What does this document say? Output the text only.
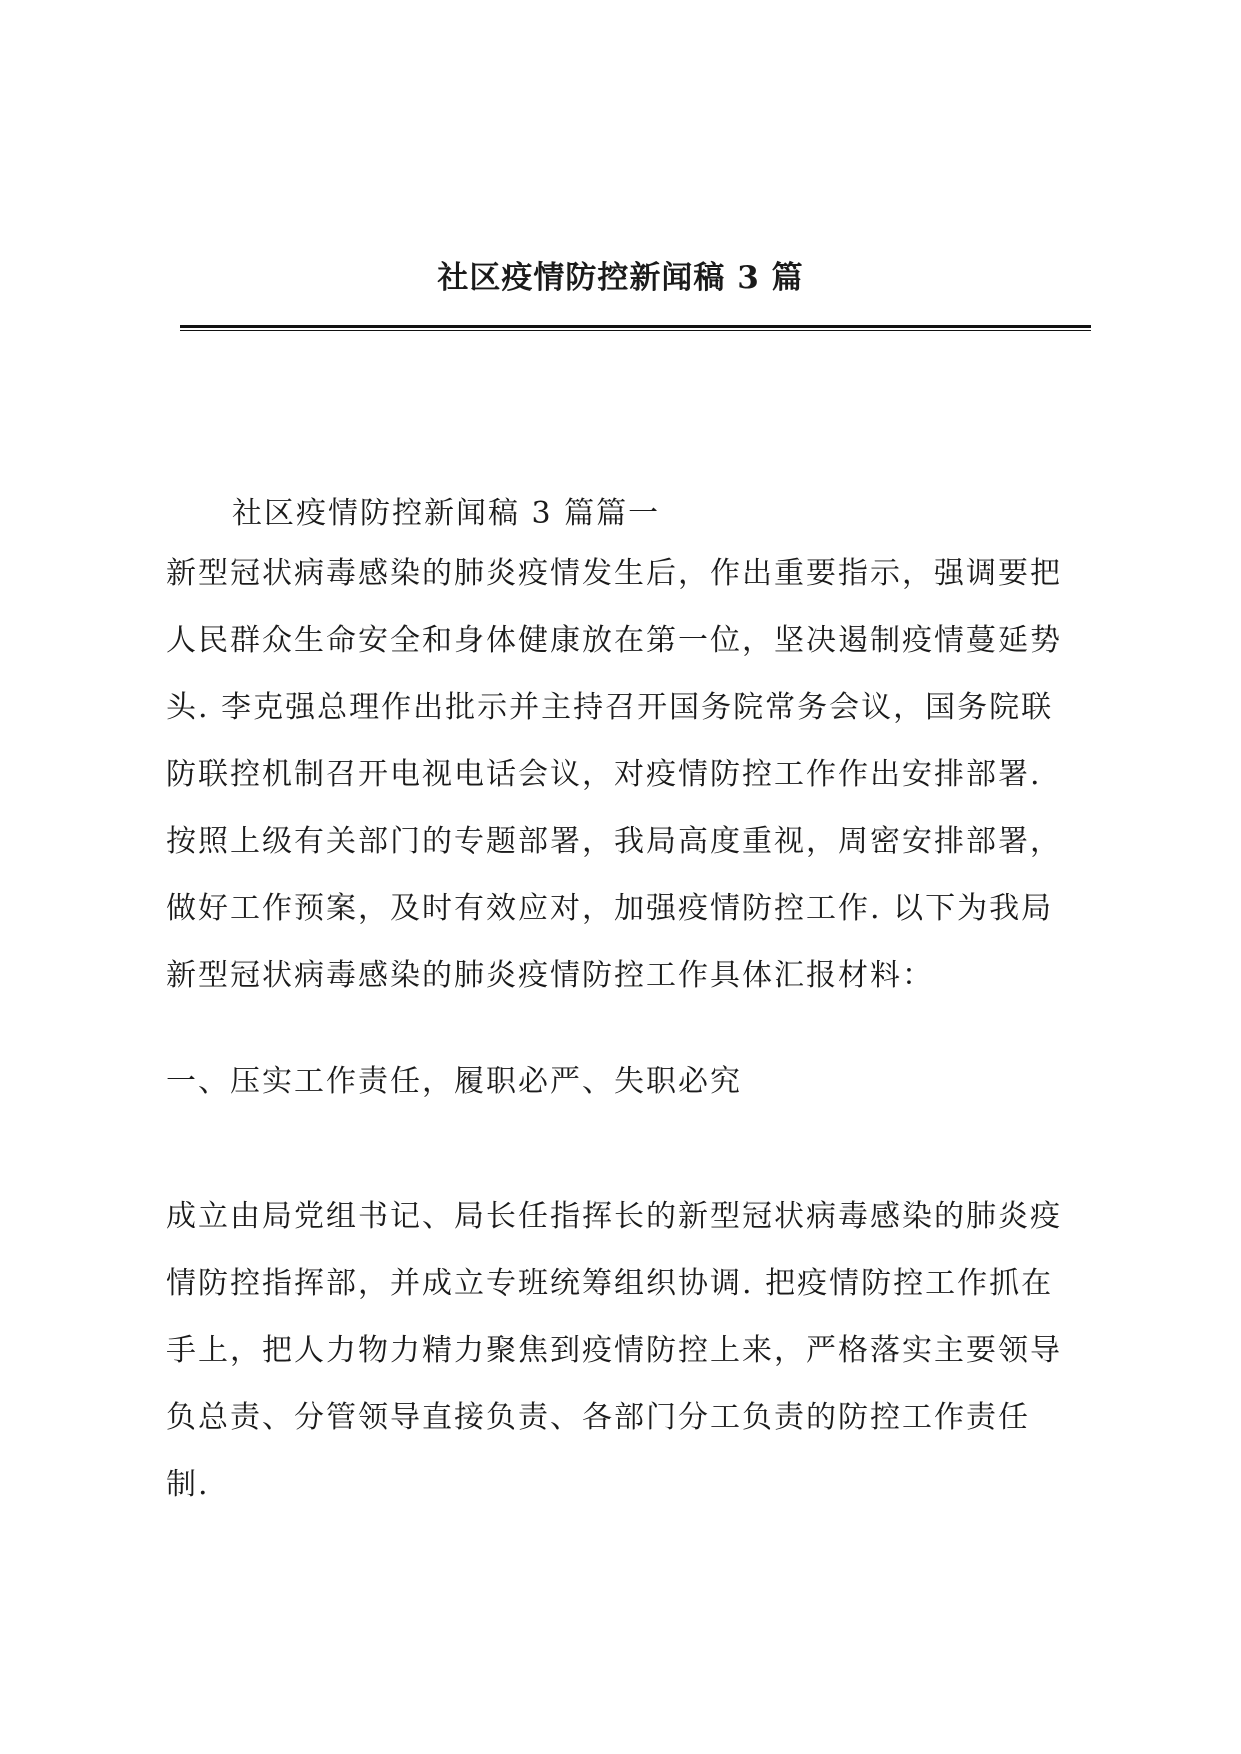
社区疫情防控新闻稿 3 篇
社区疫情防控新闻稿 3 篇篇一

新型冠状病毒感染的肺炎疫情发生后，作出重要指示，强调要把
人民群众生命安全和身体健康放在第一位，坚决遏制疫情蔓延势
头. 李克强总理作出批示并主持召开国务院常务会议，国务院联
防联控机制召开电视电话会议，对疫情防控工作作出安排部署.
按照上级有关部门的专题部署，我局高度重视，周密安排部署，
做好工作预案，及时有效应对，加强疫情防控工作. 以下为我局
新型冠状病毒感染的肺炎疫情防控工作具体汇报材料：

一、压实工作责任，履职必严、失职必究

成立由局党组书记、局长任指挥长的新型冠状病毒感染的肺炎疫
情防控指挥部，并成立专班统筹组织协调. 把疫情防控工作抓在
手上，把人力物力精力聚焦到疫情防控上来，严格落实主要领导
负总责、分管领导直接负责、各部门分工负责的防控工作责任
制.
